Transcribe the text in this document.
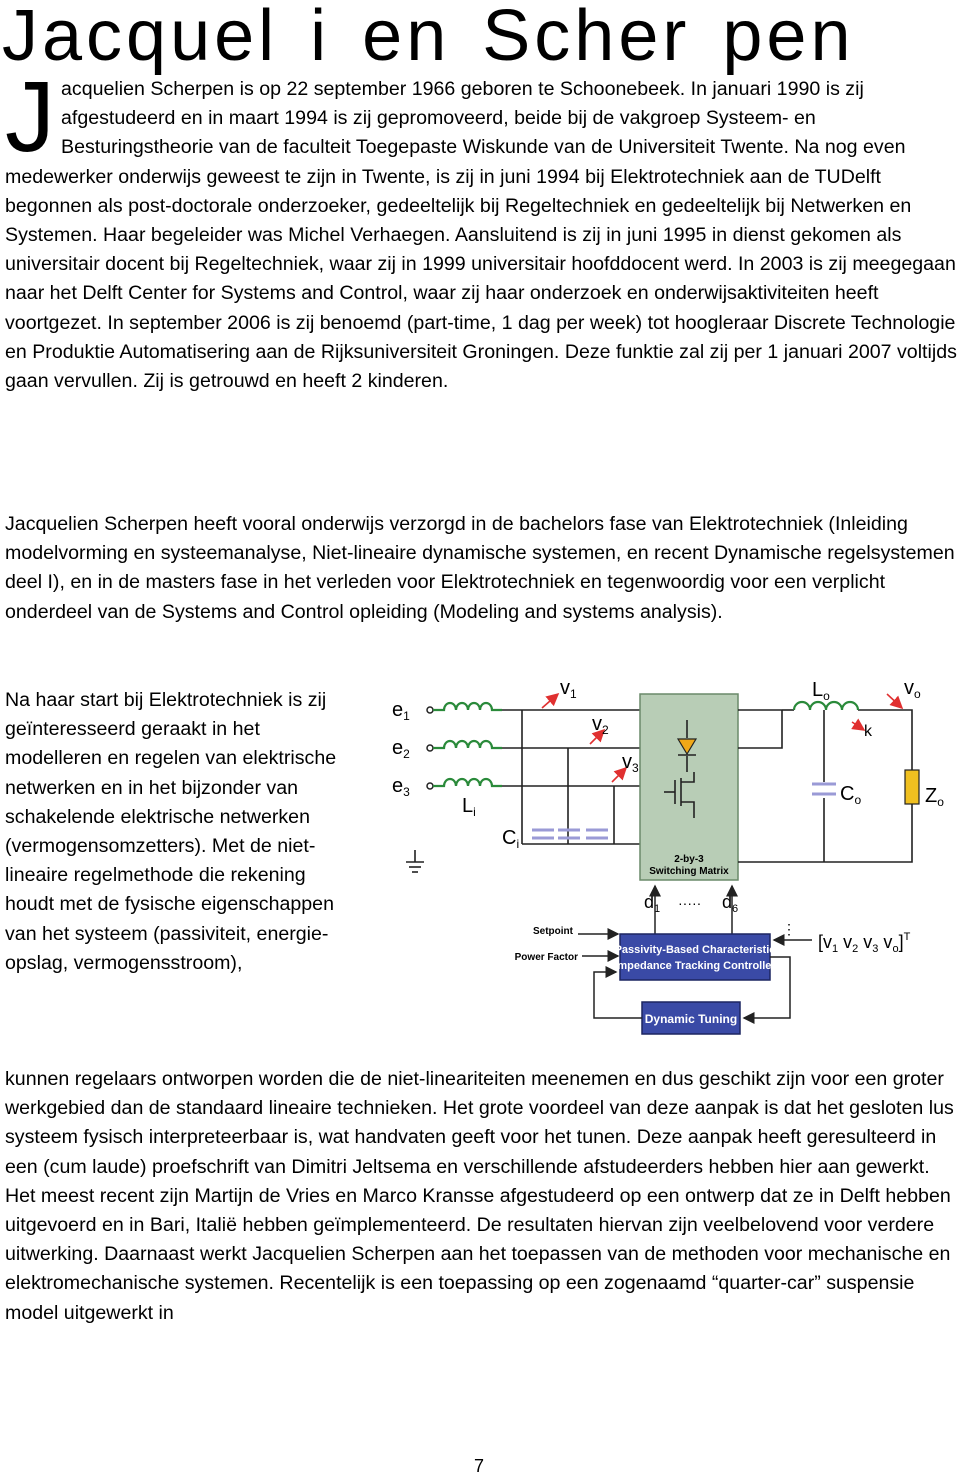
Jacquel i en Scher pen
Jacquelien Scherpen is op 22 september 1966 geboren te Schoonebeek. In januari 1990 is zij afgestudeerd en in maart 1994 is zij gepromoveerd, beide bij de vakgroep Systeem- en Besturingstheorie van de faculteit Toegepaste Wiskunde van de Universiteit Twente. Na nog even medewerker onderwijs geweest te zijn in Twente, is zij in juni 1994 bij Elektrotechniek aan de TUDelft begonnen als post-doctorale onderzoeker, gedeeltelijk bij Regeltechniek en gedeeltelijk bij Netwerken en Systemen. Haar begeleider was Michel Verhaegen. Aansluitend is zij in juni 1995 in dienst gekomen als universitair docent bij Regeltechniek, waar zij in 1999 universitair hoofddocent werd. In 2003 is zij meegegaan naar het Delft Center for Systems and Control, waar zij haar onderzoek en onderwijsaktiviteiten heeft voortgezet. In september 2006 is zij benoemd (part-time, 1 dag per week) tot hoogleraar Discrete Technologie en Produktie Automatisering aan de Rijksuniversiteit Groningen. Deze funktie zal zij per 1 januari 2007 voltijds gaan vervullen. Zij is getrouwd en heeft 2 kinderen.

Jacquelien Scherpen heeft vooral onderwijs verzorgd in de bachelors fase van Elektrotechniek (Inleiding modelvorming en systeemanalyse, Niet-lineaire dynamische systemen, en recent Dynamische regelsystemen deel I), en in de masters fase in het verleden voor Elektrotechniek en tegenwoordig voor een verplicht onderdeel van de Systems and Control opleiding (Modeling and systems analysis).

Na haar start bij Elektrotechniek is zij geïnteresseerd geraakt in het modelleren en regelen van elektrische netwerken en in het bijzonder van schakelende elektrische netwerken (vermogensomzetters). Met de niet-lineaire regelmethode die rekening houdt met de fysische eigenschappen van het systeem (passiviteit, energie-opslag, vermogensstroom),

$e_1$
$e_2$
$e_3$
$L_i$
$C_i$
$v_1$
$v_2$
$v_3$
2-by-3
Switching Matrix
$L_o$	$v_o$
k
$C_o$	$Z_o$
$d_1$ ····· $d_6$
Setpoint
Power Factor
Passivity-Based Characteristic
Impedance Tracking Controller
⋮
[$v_1$ $v_2$ $v_3$ $v_o]^T$
Dynamic Tuning

kunnen regelaars ontworpen worden die de niet-lineariteiten meenemen en dus geschikt zijn voor een groter werkgebied dan de standaard lineaire technieken. Het grote voordeel van deze aanpak is dat het gesloten lus systeem fysisch interpreteerbaar is, wat handvaten geeft voor het tunen. Deze aanpak heeft geresulteerd in een (cum laude) proefschrift van Dimitri Jeltsema en verschillende afstudeerders hebben hier aan gewerkt. Het meest recent zijn Martijn de Vries en Marco Kransse afgestudeerd op een ontwerp dat ze in Delft hebben uitgevoerd en in Bari, Italië hebben geïmplementeerd. De resultaten hiervan zijn veelbelovend voor verdere uitwerking. Daarnaast werkt Jacquelien Scherpen aan het toepassen van de methoden voor mechanische en elektromechanische systemen. Recentelijk is een toepassing op een zogenaamd “quarter-car” suspensie model uitgewerkt in

7
